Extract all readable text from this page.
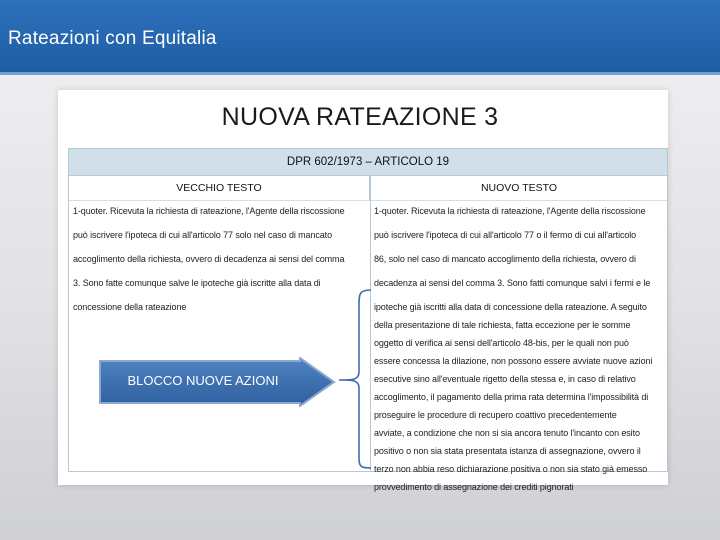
Rateazioni con Equitalia
NUOVA RATEAZIONE 3
DPR 602/1973 – ARTICOLO 19
VECCHIO TESTO	NUOVO TESTO
1-quoter. Ricevuta la richiesta di rateazione, l'Agente della riscossione
può iscrivere l'ipoteca di cui all'articolo 77 solo nel caso di mancato
accoglimento della richiesta, ovvero di decadenza ai sensi del comma
3. Sono fatte comunque salve le ipoteche già iscritte alla data di
concessione della rateazione
1-quoter. Ricevuta la richiesta di rateazione, l'Agente della riscossione
può iscrivere l'ipoteca di cui all'articolo 77 o il fermo di cui all'articolo
86, solo nel caso di mancato accoglimento della richiesta, ovvero di
decadenza ai sensi del comma 3. Sono fatti comunque salvi i fermi e le
ipoteche già iscritti alla data di concessione della rateazione. A seguito
della presentazione di tale richiesta, fatta eccezione per le somme
oggetto di verifica ai sensi dell'articolo 48-bis, per le quali non può
essere concessa la dilazione, non possono essere avviate nuove azioni
esecutive sino all'eventuale rigetto della stessa e, in caso di relativo
accoglimento, il pagamento della prima rata determina l'impossibilità di
proseguire le procedure di recupero coattivo precedentemente
avviate, a condizione che non si sia ancora tenuto l'incanto con esito
positivo o non sia stata presentata istanza di assegnazione, ovvero il
terzo non abbia reso dichiarazione positiva o non sia stato già emesso
provvedimento di assegnazione dei crediti pignorati
BLOCCO NUOVE AZIONI
